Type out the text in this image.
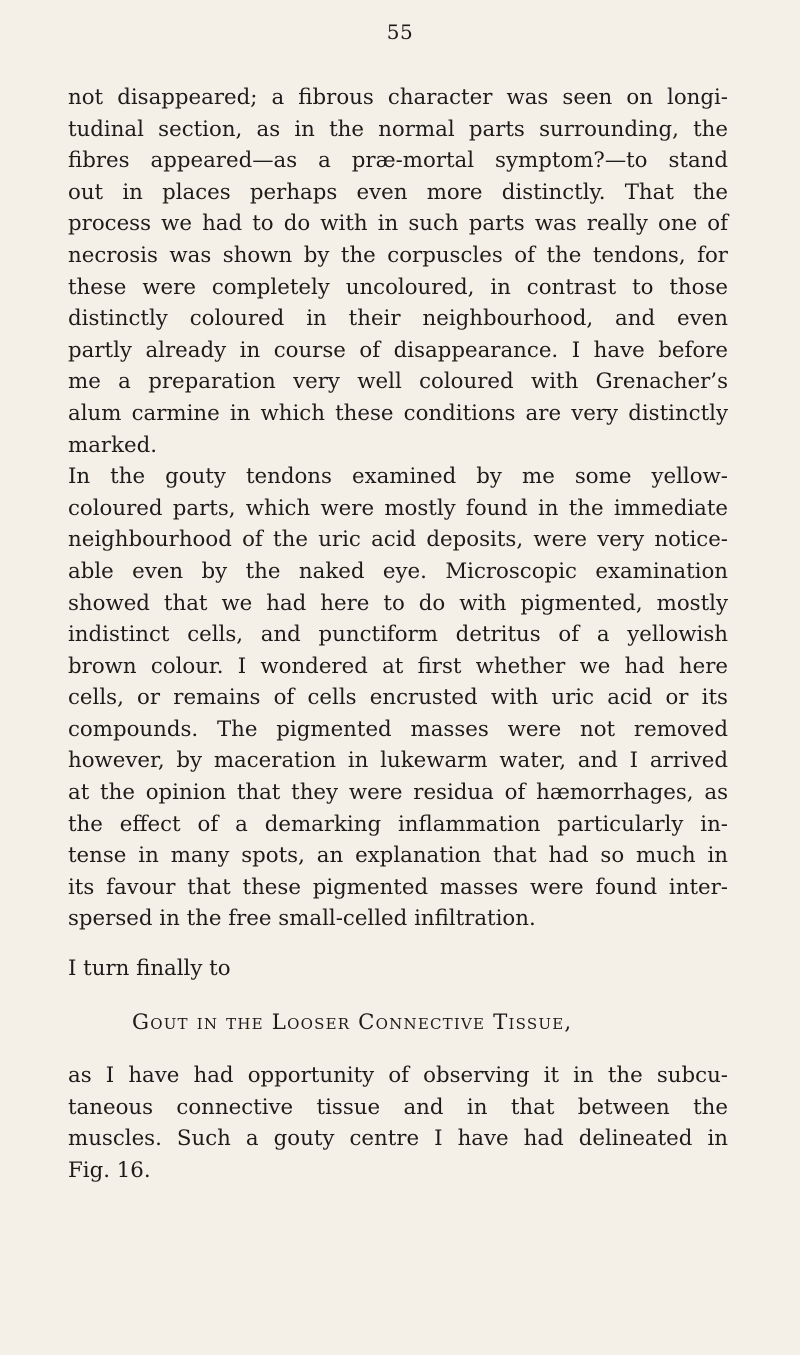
55
not disappeared; a fibrous character was seen on longi-
tudinal section, as in the normal parts surrounding, the
fibres appeared—as a præ-mortal symptom?—to stand
out in places perhaps even more distinctly. That the
process we had to do with in such parts was really one of
necrosis was shown by the corpuscles of the tendons, for
these were completely uncoloured, in contrast to those
distinctly coloured in their neighbourhood, and even
partly already in course of disappearance. I have before
me a preparation very well coloured with Grenacher’s
alum carmine in which these conditions are very distinctly
marked.
In the gouty tendons examined by me some yellow-
coloured parts, which were mostly found in the immediate
neighbourhood of the uric acid deposits, were very notice-
able even by the naked eye. Microscopic examination
showed that we had here to do with pigmented, mostly
indistinct cells, and punctiform detritus of a yellowish
brown colour. I wondered at first whether we had here
cells, or remains of cells encrusted with uric acid or its
compounds. The pigmented masses were not removed
however, by maceration in lukewarm water, and I arrived
at the opinion that they were residua of hæmorrhages, as
the effect of a demarking inflammation particularly in-
tense in many spots, an explanation that had so much in
its favour that these pigmented masses were found inter-
spersed in the free small-celled infiltration.
I turn finally to
Gout in the Looser Connective Tissue,
as I have had opportunity of observing it in the subcu-
taneous connective tissue and in that between the
muscles. Such a gouty centre I have had delineated in
Fig. 16.
